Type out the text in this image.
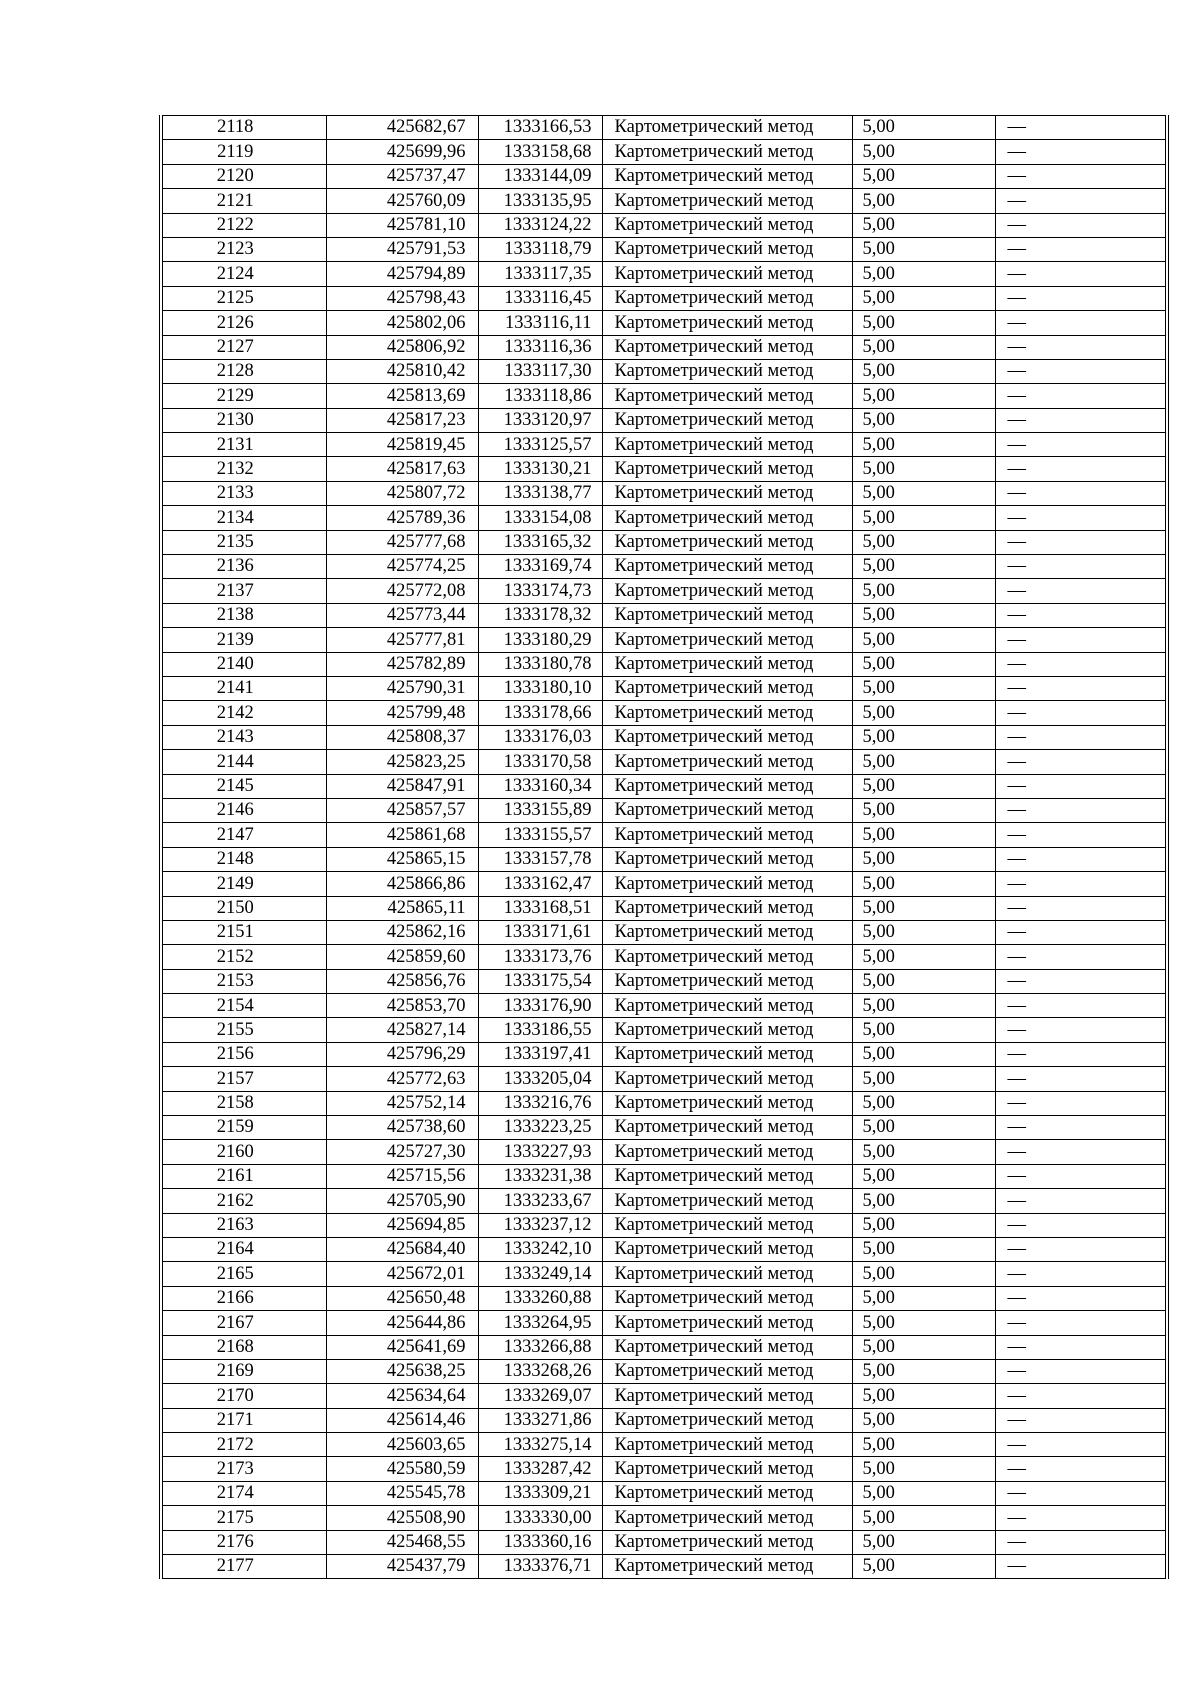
2118	425682,67	1333166,53	Картометрический метод	5,00	—
2119	425699,96	1333158,68	Картометрический метод	5,00	—
2120	425737,47	1333144,09	Картометрический метод	5,00	—
2121	425760,09	1333135,95	Картометрический метод	5,00	—
2122	425781,10	1333124,22	Картометрический метод	5,00	—
2123	425791,53	1333118,79	Картометрический метод	5,00	—
2124	425794,89	1333117,35	Картометрический метод	5,00	—
2125	425798,43	1333116,45	Картометрический метод	5,00	—
2126	425802,06	1333116,11	Картометрический метод	5,00	—
2127	425806,92	1333116,36	Картометрический метод	5,00	—
2128	425810,42	1333117,30	Картометрический метод	5,00	—
2129	425813,69	1333118,86	Картометрический метод	5,00	—
2130	425817,23	1333120,97	Картометрический метод	5,00	—
2131	425819,45	1333125,57	Картометрический метод	5,00	—
2132	425817,63	1333130,21	Картометрический метод	5,00	—
2133	425807,72	1333138,77	Картометрический метод	5,00	—
2134	425789,36	1333154,08	Картометрический метод	5,00	—
2135	425777,68	1333165,32	Картометрический метод	5,00	—
2136	425774,25	1333169,74	Картометрический метод	5,00	—
2137	425772,08	1333174,73	Картометрический метод	5,00	—
2138	425773,44	1333178,32	Картометрический метод	5,00	—
2139	425777,81	1333180,29	Картометрический метод	5,00	—
2140	425782,89	1333180,78	Картометрический метод	5,00	—
2141	425790,31	1333180,10	Картометрический метод	5,00	—
2142	425799,48	1333178,66	Картометрический метод	5,00	—
2143	425808,37	1333176,03	Картометрический метод	5,00	—
2144	425823,25	1333170,58	Картометрический метод	5,00	—
2145	425847,91	1333160,34	Картометрический метод	5,00	—
2146	425857,57	1333155,89	Картометрический метод	5,00	—
2147	425861,68	1333155,57	Картометрический метод	5,00	—
2148	425865,15	1333157,78	Картометрический метод	5,00	—
2149	425866,86	1333162,47	Картометрический метод	5,00	—
2150	425865,11	1333168,51	Картометрический метод	5,00	—
2151	425862,16	1333171,61	Картометрический метод	5,00	—
2152	425859,60	1333173,76	Картометрический метод	5,00	—
2153	425856,76	1333175,54	Картометрический метод	5,00	—
2154	425853,70	1333176,90	Картометрический метод	5,00	—
2155	425827,14	1333186,55	Картометрический метод	5,00	—
2156	425796,29	1333197,41	Картометрический метод	5,00	—
2157	425772,63	1333205,04	Картометрический метод	5,00	—
2158	425752,14	1333216,76	Картометрический метод	5,00	—
2159	425738,60	1333223,25	Картометрический метод	5,00	—
2160	425727,30	1333227,93	Картометрический метод	5,00	—
2161	425715,56	1333231,38	Картометрический метод	5,00	—
2162	425705,90	1333233,67	Картометрический метод	5,00	—
2163	425694,85	1333237,12	Картометрический метод	5,00	—
2164	425684,40	1333242,10	Картометрический метод	5,00	—
2165	425672,01	1333249,14	Картометрический метод	5,00	—
2166	425650,48	1333260,88	Картометрический метод	5,00	—
2167	425644,86	1333264,95	Картометрический метод	5,00	—
2168	425641,69	1333266,88	Картометрический метод	5,00	—
2169	425638,25	1333268,26	Картометрический метод	5,00	—
2170	425634,64	1333269,07	Картометрический метод	5,00	—
2171	425614,46	1333271,86	Картометрический метод	5,00	—
2172	425603,65	1333275,14	Картометрический метод	5,00	—
2173	425580,59	1333287,42	Картометрический метод	5,00	—
2174	425545,78	1333309,21	Картометрический метод	5,00	—
2175	425508,90	1333330,00	Картометрический метод	5,00	—
2176	425468,55	1333360,16	Картометрический метод	5,00	—
2177	425437,79	1333376,71	Картометрический метод	5,00	—
